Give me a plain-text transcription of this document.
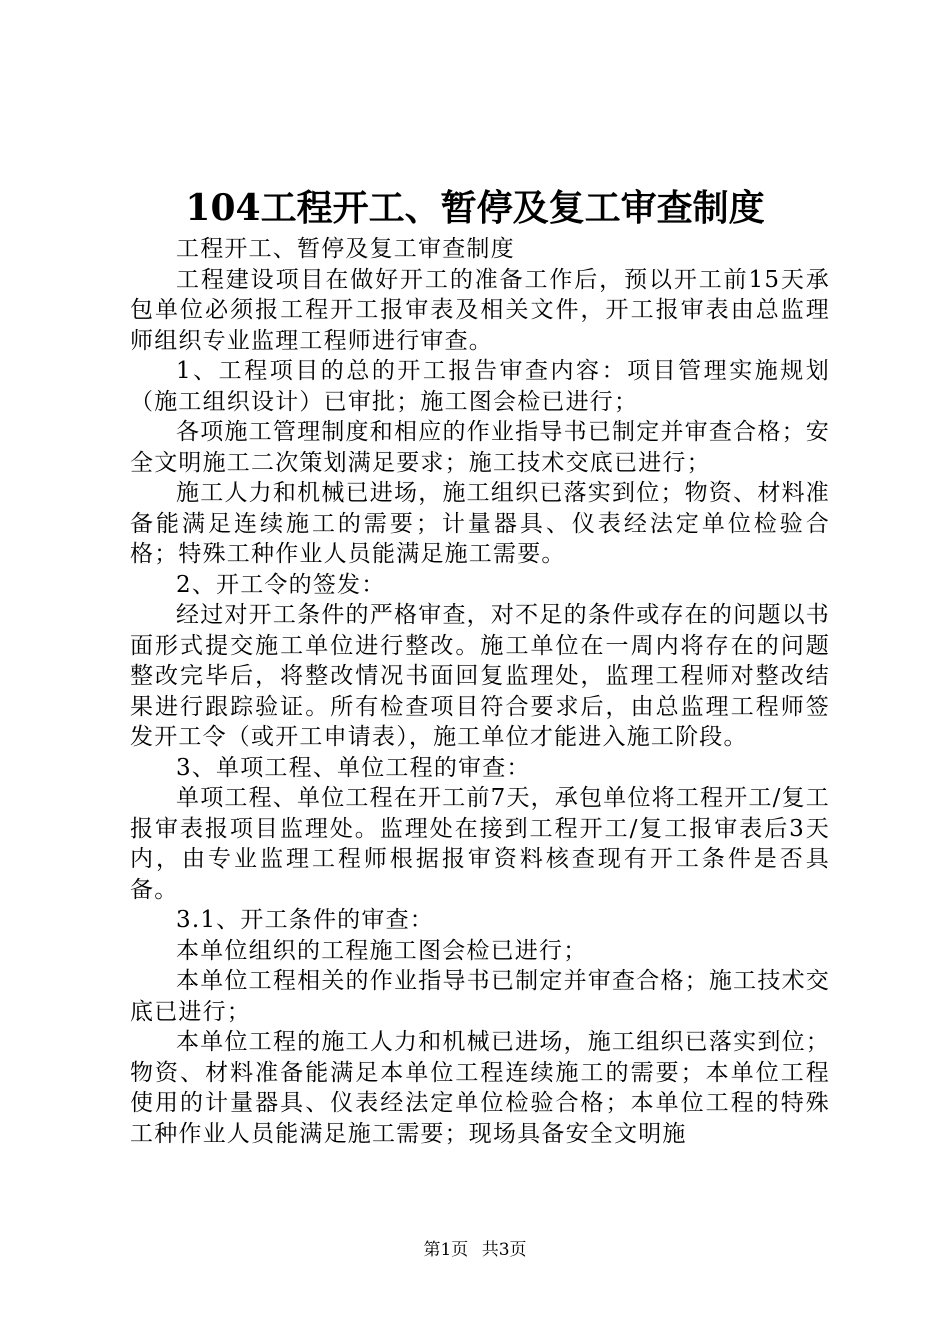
104工程开工、暂停及复工审查制度

工程开工、暂停及复工审查制度

工程建设项目在做好开工的准备工作后，预以开工前15天承包单位必须报工程开工报审表及相关文件，开工报审表由总监理师组织专业监理工程师进行审查。

1、工程项目的总的开工报告审查内容：项目管理实施规划（施工组织设计）已审批；施工图会检已进行；

各项施工管理制度和相应的作业指导书已制定并审查合格；安全文明施工二次策划满足要求；施工技术交底已进行；

施工人力和机械已进场，施工组织已落实到位；物资、材料准备能满足连续施工的需要；计量器具、仪表经法定单位检验合格；特殊工种作业人员能满足施工需要。

2、开工令的签发：

经过对开工条件的严格审查，对不足的条件或存在的问题以书面形式提交施工单位进行整改。施工单位在一周内将存在的问题整改完毕后，将整改情况书面回复监理处，监理工程师对整改结果进行跟踪验证。所有检查项目符合要求后，由总监理工程师签发开工令（或开工申请表），施工单位才能进入施工阶段。

3、单项工程、单位工程的审查：

单项工程、单位工程在开工前7天，承包单位将工程开工/复工报审表报项目监理处。监理处在接到工程开工/复工报审表后3天内，由专业监理工程师根据报审资料核查现有开工条件是否具备。

3.1、开工条件的审查：

本单位组织的工程施工图会检已进行；

本单位工程相关的作业指导书已制定并审查合格；施工技术交底已进行；

本单位工程的施工人力和机械已进场，施工组织已落实到位；物资、材料准备能满足本单位工程连续施工的需要；本单位工程使用的计量器具、仪表经法定单位检验合格；本单位工程的特殊工种作业人员能满足施工需要；现场具备安全文明施

第1页 共3页
